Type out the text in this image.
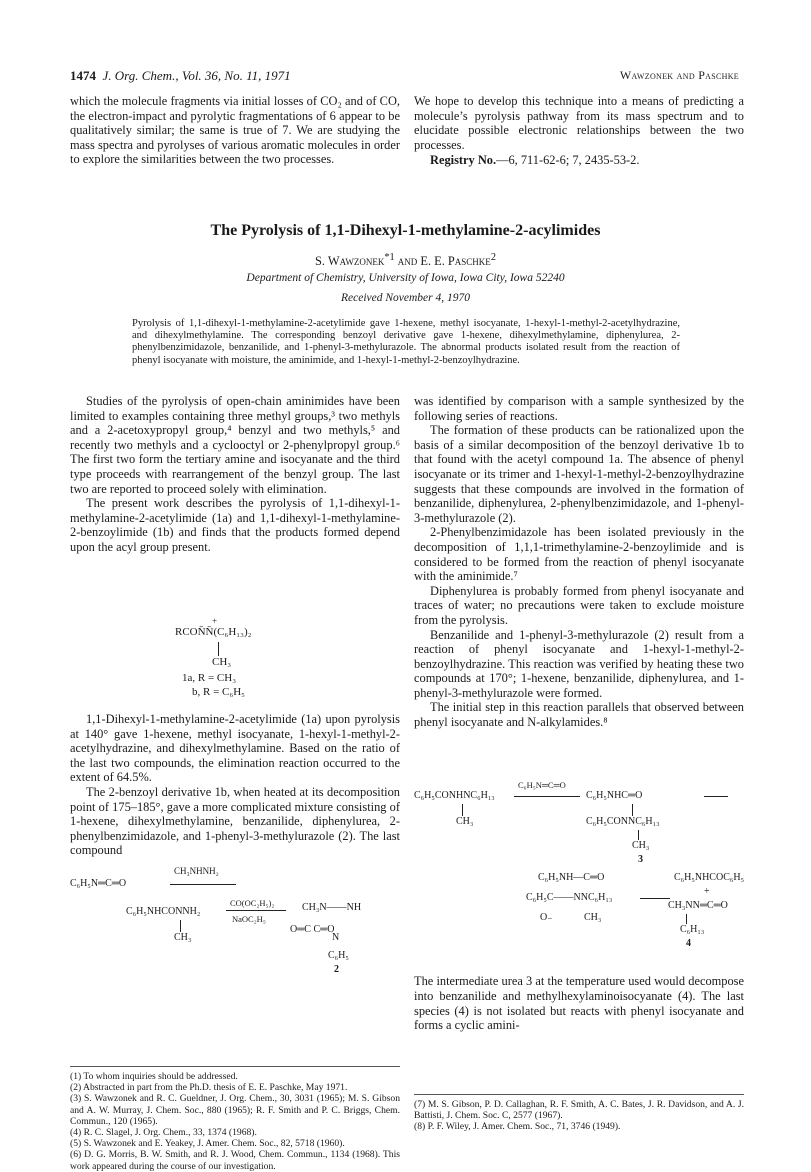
1474 J. Org. Chem., Vol. 36, No. 11, 1971	Wawzonek and Paschke

which the molecule fragments via initial losses of CO₂ and of CO, the electron-impact and pyrolytic fragmentations of 6 appear to be qualitatively similar; the same is true of 7. We are studying the mass spectra and pyrolyses of various aromatic molecules in order to explore the similarities between the two processes.

We hope to develop this technique into a means of predicting a molecule’s pyrolysis pathway from its mass spectrum and to elucidate possible electronic relationships between the two processes.

Registry No.—6, 711-62-6; 7, 2435-53-2.
The Pyrolysis of 1,1-Dihexyl-1-methylamine-2-acylimides
S. Wawzonek$^{*1}$ and E. E. Paschke$^2$
Department of Chemistry, University of Iowa, Iowa City, Iowa 52240
Received November 4, 1970
Pyrolysis of 1,1-dihexyl-1-methylamine-2-acetylimide gave 1-hexene, methyl isocyanate, 1-hexyl-1-methyl-2-acetylhydrazine, and dihexylmethylamine. The corresponding benzoyl derivative gave 1-hexene, dihexylmethylamine, diphenylurea, 2-phenylbenzimidazole, benzanilide, and 1-phenyl-3-methylurazole. The abnormal products isolated result from the reaction of phenyl isocyanate with moisture, the aminimide, and 1-hexyl-1-methyl-2-benzoylhydrazine.

Studies of the pyrolysis of open-chain aminimides have been limited to examples containing three methyl groups,³ two methyls and a 2-acetoxypropyl group,⁴ benzyl and two methyls,⁵ and recently two methyls and a cyclooctyl or 2-phenylpropyl group.⁶ The first two form the tertiary amine and isocyanate and the third type proceeds with rearrangement of the benzyl group. The last two are reported to proceed solely with elimination.

The present work describes the pyrolysis of 1,1-dihexyl-1-methylamine-2-acetylimide (1a) and 1,1-dihexyl-1-methylamine-2-benzoylimide (1b) and finds that the products formed depend upon the acyl group present.

RCON̄N̄(C₆H₁₃)₂
+
CH₃
1a, R = CH₃
b, R = C₆H₅

1,1-Dihexyl-1-methylamine-2-acetylimide (1a) upon pyrolysis at 140° gave 1-hexene, methyl isocyanate, 1-hexyl-1-methyl-2-acetylhydrazine, and dihexylmethylamine. Based on the ratio of the last two compounds, the elimination reaction occurred to the extent of 64.5%.

The 2-benzoyl derivative 1b, when heated at its decomposition point of 175–185°, gave a more complicated mixture consisting of 1-hexene, dihexylmethylamine, benzanilide, diphenylurea, 2-phenylbenzimidazole, and 1-phenyl-3-methylurazole (2). The last compound

C₆H₅N═C═O
CH₃NHNH₂
C₆H₅NHCONNH₂
CH₃
CO(OC₂H₅)₂
NaOC₂H₅
CH₃N——NH
O═C C═O
N
C₆H₅
2

was identified by comparison with a sample synthesized by the following series of reactions.

The formation of these products can be rationalized upon the basis of a similar decomposition of the benzoyl derivative 1b to that found with the acetyl compound 1a. The absence of phenyl isocyanate or its trimer and 1-hexyl-1-methyl-2-benzoylhydrazine suggests that these compounds are involved in the formation of benzanilide, diphenylurea, 2-phenylbenzimidazole, and 1-phenyl-3-methylurazole (2).

2-Phenylbenzimidazole has been isolated previously in the decomposition of 1,1,1-trimethylamine-2-benzoylimide and is considered to be formed from the reaction of phenyl isocyanate with the aminimide.⁷

Diphenylurea is probably formed from phenyl isocyanate and traces of water; no precautions were taken to exclude moisture from the pyrolysis.

Benzanilide and 1-phenyl-3-methylurazole (2) result from a reaction of phenyl isocyanate and 1-hexyl-1-methyl-2-benzoylhydrazine. This reaction was verified by heating these two compounds at 170°; 1-hexene, benzanilide, diphenylurea, and 1-phenyl-3-methylurazole were formed.

The initial step in this reaction parallels that observed between phenyl isocyanate and N-alkylamides.⁸

C₆H₅CONHNC₆H₁₃
CH₃
C₆H₅N═C═O
C₆H₅NHC═O
C₆H₅CONNC₆H₁₃
CH₃
3
C₆H₅NH—C═O
C₆H₅C——NNC₆H₁₃
O₋	CH₃
C₆H₅NHCOC₆H₅
+
CH₃NN═C═O
C₆H₁₃
4

The intermediate urea 3 at the temperature used would decompose into benzanilide and methylhexylaminoisocyanate (4). The last species (4) is not isolated but reacts with phenyl isocyanate and forms a cyclic amini-

(1) To whom inquiries should be addressed.
(2) Abstracted in part from the Ph.D. thesis of E. E. Paschke, May 1971.
(3) S. Wawzonek and R. C. Gueldner, J. Org. Chem., 30, 3031 (1965); M. S. Gibson and A. W. Murray, J. Chem. Soc., 880 (1965); R. F. Smith and P. C. Briggs, Chem. Commun., 120 (1965).
(4) R. C. Slagel, J. Org. Chem., 33, 1374 (1968).
(5) S. Wawzonek and E. Yeakey, J. Amer. Chem. Soc., 82, 5718 (1960).
(6) D. G. Morris, B. W. Smith, and R. J. Wood, Chem. Commun., 1134 (1968). This work appeared during the course of our investigation.
(7) M. S. Gibson, P. D. Callaghan, R. F. Smith, A. C. Bates, J. R. Davidson, and A. J. Battisti, J. Chem. Soc. C, 2577 (1967).
(8) P. F. Wiley, J. Amer. Chem. Soc., 71, 3746 (1949).
